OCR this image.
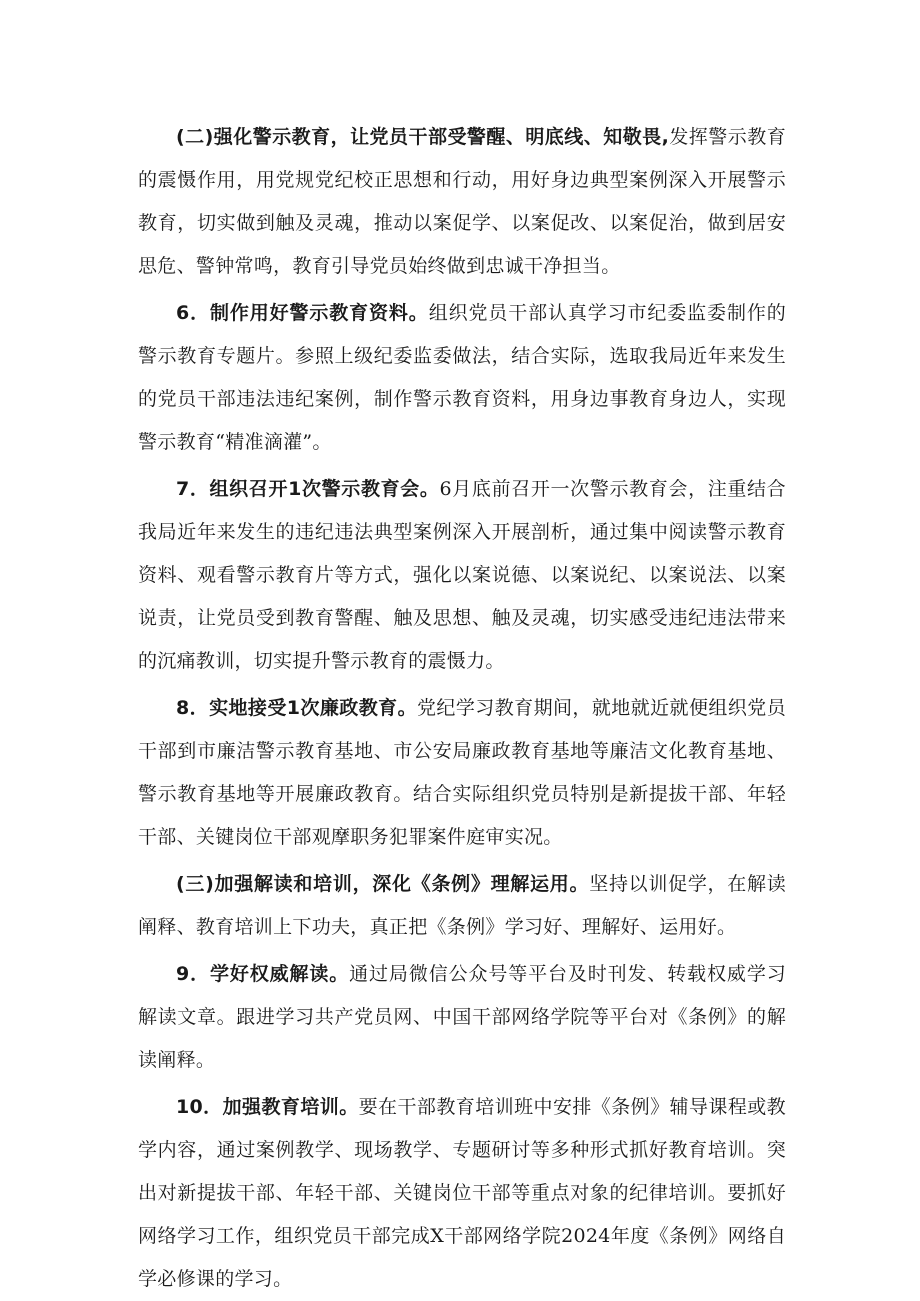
(二)强化警示教育，让党员干部受警醒、明底线、知敬畏,发挥警示教育的震慑作用，用党规党纪校正思想和行动，用好身边典型案例深入开展警示教育，切实做到触及灵魂，推动以案促学、以案促改、以案促治，做到居安思危、警钟常鸣，教育引导党员始终做到忠诚干净担当。

6．制作用好警示教育资料。组织党员干部认真学习市纪委监委制作的警示教育专题片。参照上级纪委监委做法，结合实际，选取我局近年来发生的党员干部违法违纪案例，制作警示教育资料，用身边事教育身边人，实现警示教育“精准滴灌”。

7．组织召开1次警示教育会。6月底前召开一次警示教育会，注重结合我局近年来发生的违纪违法典型案例深入开展剖析，通过集中阅读警示教育资料、观看警示教育片等方式，强化以案说德、以案说纪、以案说法、以案说责，让党员受到教育警醒、触及思想、触及灵魂，切实感受违纪违法带来的沉痛教训，切实提升警示教育的震慑力。

8．实地接受1次廉政教育。党纪学习教育期间，就地就近就便组织党员干部到市廉洁警示教育基地、市公安局廉政教育基地等廉洁文化教育基地、警示教育基地等开展廉政教育。结合实际组织党员特别是新提拔干部、年轻干部、关键岗位干部观摩职务犯罪案件庭审实况。

(三)加强解读和培训，深化《条例》理解运用。坚持以训促学，在解读阐释、教育培训上下功夫，真正把《条例》学习好、理解好、运用好。

9．学好权威解读。通过局微信公众号等平台及时刊发、转载权威学习解读文章。跟进学习共产党员网、中国干部网络学院等平台对《条例》的解读阐释。

10．加强教育培训。要在干部教育培训班中安排《条例》辅导课程或教学内容，通过案例教学、现场教学、专题研讨等多种形式抓好教育培训。突出对新提拔干部、年轻干部、关键岗位干部等重点对象的纪律培训。要抓好网络学习工作，组织党员干部完成X干部网络学院2024年度《条例》网络自学必修课的学习。
